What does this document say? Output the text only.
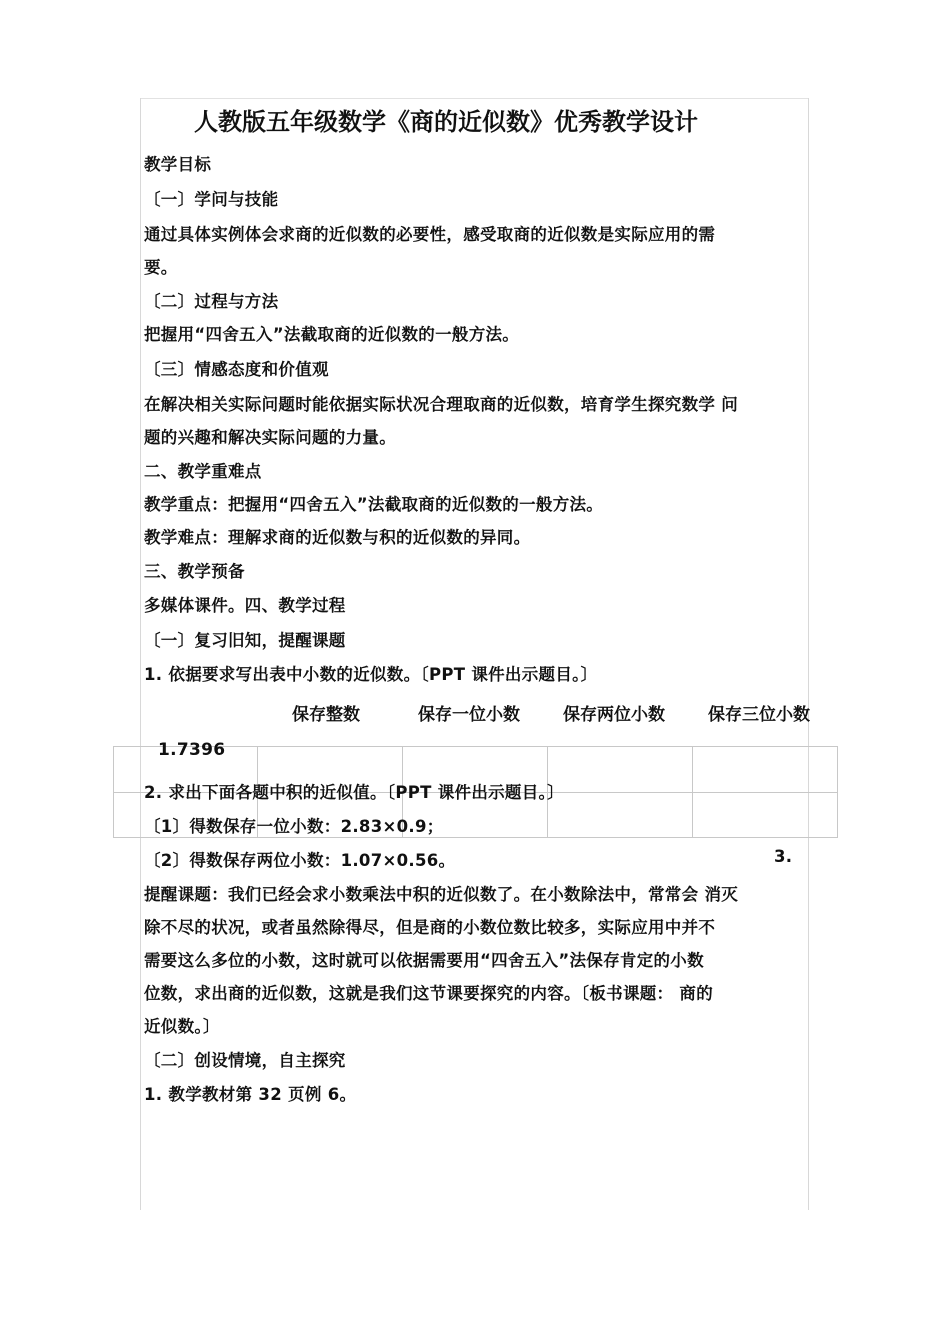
人教版五年级数学《商的近似数》优秀教学设计
教学目标
〔一〕学问与技能
通过具体实例体会求商的近似数的必要性，感受取商的近似数是实际应用的需
要。
〔二〕过程与方法
把握用“四舍五入”法截取商的近似数的一般方法。
〔三〕情感态度和价值观
在解决相关实际问题时能依据实际状况合理取商的近似数，培育学生探究数学 问
题的兴趣和解决实际问题的力量。
二、教学重难点
教学重点：把握用“四舍五入”法截取商的近似数的一般方法。
教学难点：理解求商的近似数与积的近似数的异同。
三、教学预备
多媒体课件。四、教学过程
〔一〕复习旧知，提醒课题
1. 依据要求写出表中小数的近似数。〔PPT 课件出示题目。〕
保存整数	保存一位小数	保存两位小数	保存三位小数
1.7396
2. 求出下面各题中积的近似值。〔PPT 课件出示题目。〕
〔1〕得数保存一位小数：2.83×0.9；
〔2〕得数保存两位小数：1.07×0.56。	3.
提醒课题：我们已经会求小数乘法中积的近似数了。在小数除法中，常常会 消灭
除不尽的状况，或者虽然除得尽，但是商的小数位数比较多，实际应用中并不
需要这么多位的小数，这时就可以依据需要用“四舍五入”法保存肯定的小数
位数，求出商的近似数，这就是我们这节课要探究的内容。〔板书课题： 商的
近似数。〕
〔二〕创设情境，自主探究
1. 教学教材第 32 页例 6。
